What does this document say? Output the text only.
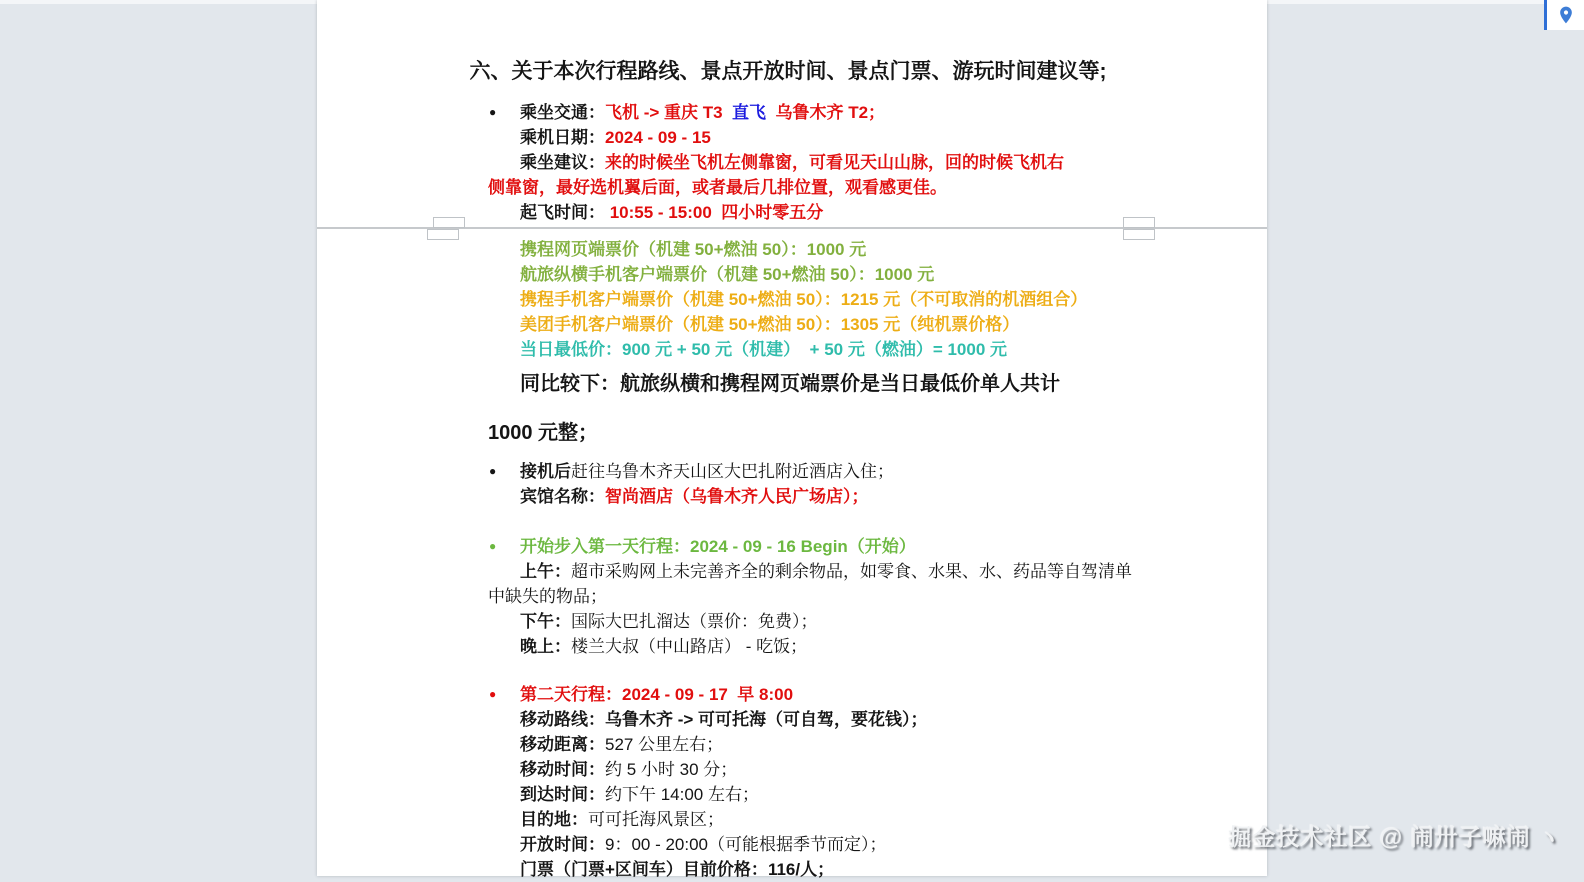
六、关于本次行程路线、景点开放时间、景点门票、游玩时间建议等;
● 乘坐交通：飞机 -> 重庆 T3  直飞  乌鲁木齐 T2；
乘机日期：2024 - 09 - 15
乘坐建议：来的时候坐飞机左侧靠窗，可看见天山山脉，回的时候飞机右
侧靠窗，最好选机翼后面，或者最后几排位置，观看感更佳。
起飞时间： 10:55 - 15:00  四小时零五分
携程网页端票价（机建 50+燃油 50）：1000 元
航旅纵横手机客户端票价（机建 50+燃油 50）：1000 元
携程手机客户端票价（机建 50+燃油 50）：1215 元（不可取消的机酒组合）
美团手机客户端票价（机建 50+燃油 50）：1305 元（纯机票价格）
当日最低价：900 元 + 50 元（机建）  + 50 元（燃油）= 1000 元
同比较下：航旅纵横和携程网页端票价是当日最低价单人共计
1000 元整；
● 接机后赶往乌鲁木齐天山区大巴扎附近酒店入住；
宾馆名称：智尚酒店（乌鲁木齐人民广场店）；
● 开始步入第一天行程：2024 - 09 - 16 Begin（开始）
上午：超市采购网上未完善齐全的剩余物品，如零食、水果、水、药品等自驾清单
中缺失的物品；
下午：国际大巴扎溜达（票价：免费）；
晚上：楼兰大叔（中山路店） - 吃饭；
● 第二天行程：2024 - 09 - 17  早 8:00
移动路线：乌鲁木齐 -> 可可托海（可自驾，要花钱）；
移动距离：527 公里左右；
移动时间：约 5 小时 30 分；
到达时间：约下午 14:00 左右；
目的地：可可托海风景区；
开放时间：9：00 - 20:00（可能根据季节而定）；
门票（门票+区间车）目前价格：116/人；
掘金技术社区 @ 闹卅子嘛闹 ヽ
